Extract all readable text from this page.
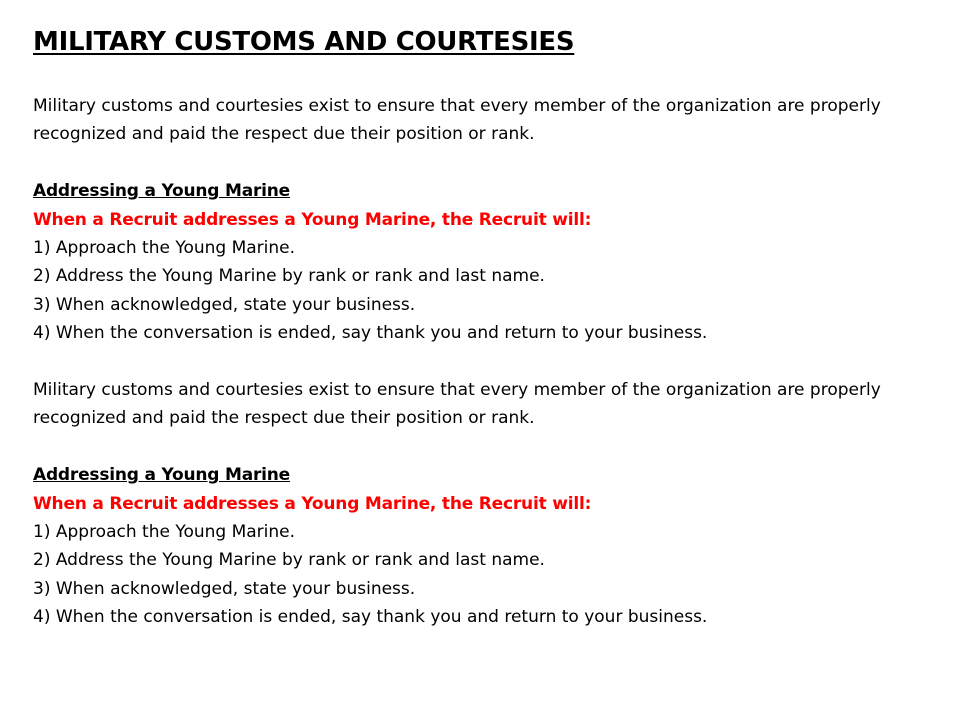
MILITARY CUSTOMS AND COURTESIES

Military customs and courtesies exist to ensure that every member of the organization are properly recognized and paid the respect due their position or rank.

Addressing a Young Marine
When a Recruit addresses a Young Marine, the Recruit will:
1) Approach the Young Marine.
2) Address the Young Marine by rank or rank and last name.
3) When acknowledged, state your business.
4) When the conversation is ended, say thank you and return to your business.

Military customs and courtesies exist to ensure that every member of the organization are properly recognized and paid the respect due their position or rank.

Addressing a Young Marine
When a Recruit addresses a Young Marine, the Recruit will:
1) Approach the Young Marine.
2) Address the Young Marine by rank or rank and last name.
3) When acknowledged, state your business.
4) When the conversation is ended, say thank you and return to your business.
